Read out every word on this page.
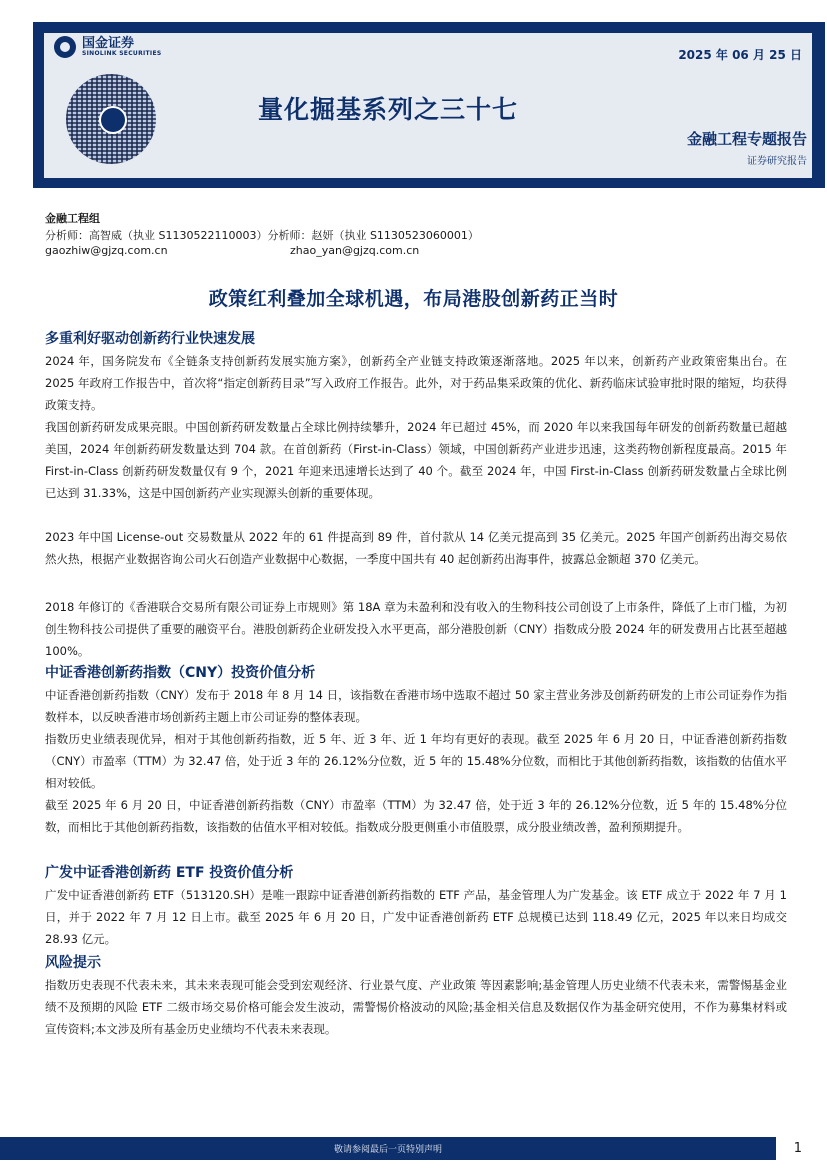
国金证券
SINOLINK SECURITIES	2025 年 06 月 25 日
量化掘基系列之三十七
金融工程专题报告
证券研究报告
金融工程组
分析师：高智威（执业 S1130522110003）分析师：赵妍（执业 S1130523060001）
gaozhiw@gjzq.com.cn	zhao_yan@gjzq.com.cn
政策红利叠加全球机遇，布局港股创新药正当时
多重利好驱动创新药行业快速发展
2024 年，国务院发布《全链条支持创新药发展实施方案》，创新药全产业链支持政策逐渐落地。2025 年以来，创新药产业政策密集出台。在 2025 年政府工作报告中，首次将“指定创新药目录”写入政府工作报告。此外，对于药品集采政策的优化、新药临床试验审批时限的缩短，均获得政策支持。
我国创新药研发成果亮眼。中国创新药研发数量占全球比例持续攀升，2024 年已超过 45%，而 2020 年以来我国每年研发的创新药数量已超越美国，2024 年创新药研发数量达到 704 款。在首创新药（First-in-Class）领域，中国创新药产业进步迅速，这类药物创新程度最高。2015 年 First-in-Class 创新药研发数量仅有 9 个，2021 年迎来迅速增长达到了 40 个。截至 2024 年，中国 First-in-Class 创新药研发数量占全球比例已达到 31.33%，这是中国创新药产业实现源头创新的重要体现。
2023 年中国 License-out 交易数量从 2022 年的 61 件提高到 89 件，首付款从 14 亿美元提高到 35 亿美元。2025 年国产创新药出海交易依然火热，根据产业数据咨询公司火石创造产业数据中心数据，一季度中国共有 40 起创新药出海事件，披露总金额超 370 亿美元。
2018 年修订的《香港联合交易所有限公司证券上市规则》第 18A 章为未盈利和没有收入的生物科技公司创设了上市条件，降低了上市门槛，为初创生物科技公司提供了重要的融资平台。港股创新药企业研发投入水平更高，部分港股创新（CNY）指数成分股 2024 年的研发费用占比甚至超越 100%。
中证香港创新药指数（CNY）投资价值分析
中证香港创新药指数（CNY）发布于 2018 年 8 月 14 日，该指数在香港市场中选取不超过 50 家主营业务涉及创新药研发的上市公司证券作为指数样本，以反映香港市场创新药主题上市公司证券的整体表现。
指数历史业绩表现优异，相对于其他创新药指数，近 5 年、近 3 年、近 1 年均有更好的表现。截至 2025 年 6 月 20 日，中证香港创新药指数（CNY）市盈率（TTM）为 32.47 倍，处于近 3 年的 26.12%分位数，近 5 年的 15.48%分位数，而相比于其他创新药指数，该指数的估值水平相对较低。
截至 2025 年 6 月 20 日，中证香港创新药指数（CNY）市盈率（TTM）为 32.47 倍，处于近 3 年的 26.12%分位数，近 5 年的 15.48%分位数，而相比于其他创新药指数，该指数的估值水平相对较低。指数成分股更侧重小市值股票，成分股业绩改善，盈利预期提升。
广发中证香港创新药 ETF 投资价值分析
广发中证香港创新药 ETF（513120.SH）是唯一跟踪中证香港创新药指数的 ETF 产品，基金管理人为广发基金。该 ETF 成立于 2022 年 7 月 1 日，并于 2022 年 7 月 12 日上市。截至 2025 年 6 月 20 日，广发中证香港创新药 ETF 总规模已达到 118.49 亿元，2025 年以来日均成交 28.93 亿元。
风险提示
指数历史表现不代表未来，其未来表现可能会受到宏观经济、行业景气度、产业政策 等因素影响;基金管理人历史业绩不代表未来，需警惕基金业绩不及预期的风险 ETF 二级市场交易价格可能会发生波动，需警惕价格波动的风险;基金相关信息及数据仅作为基金研究使用，不作为募集材料或宣传资料;本文涉及所有基金历史业绩均不代表未来表现。
敬请参阅最后一页特别声明	1
